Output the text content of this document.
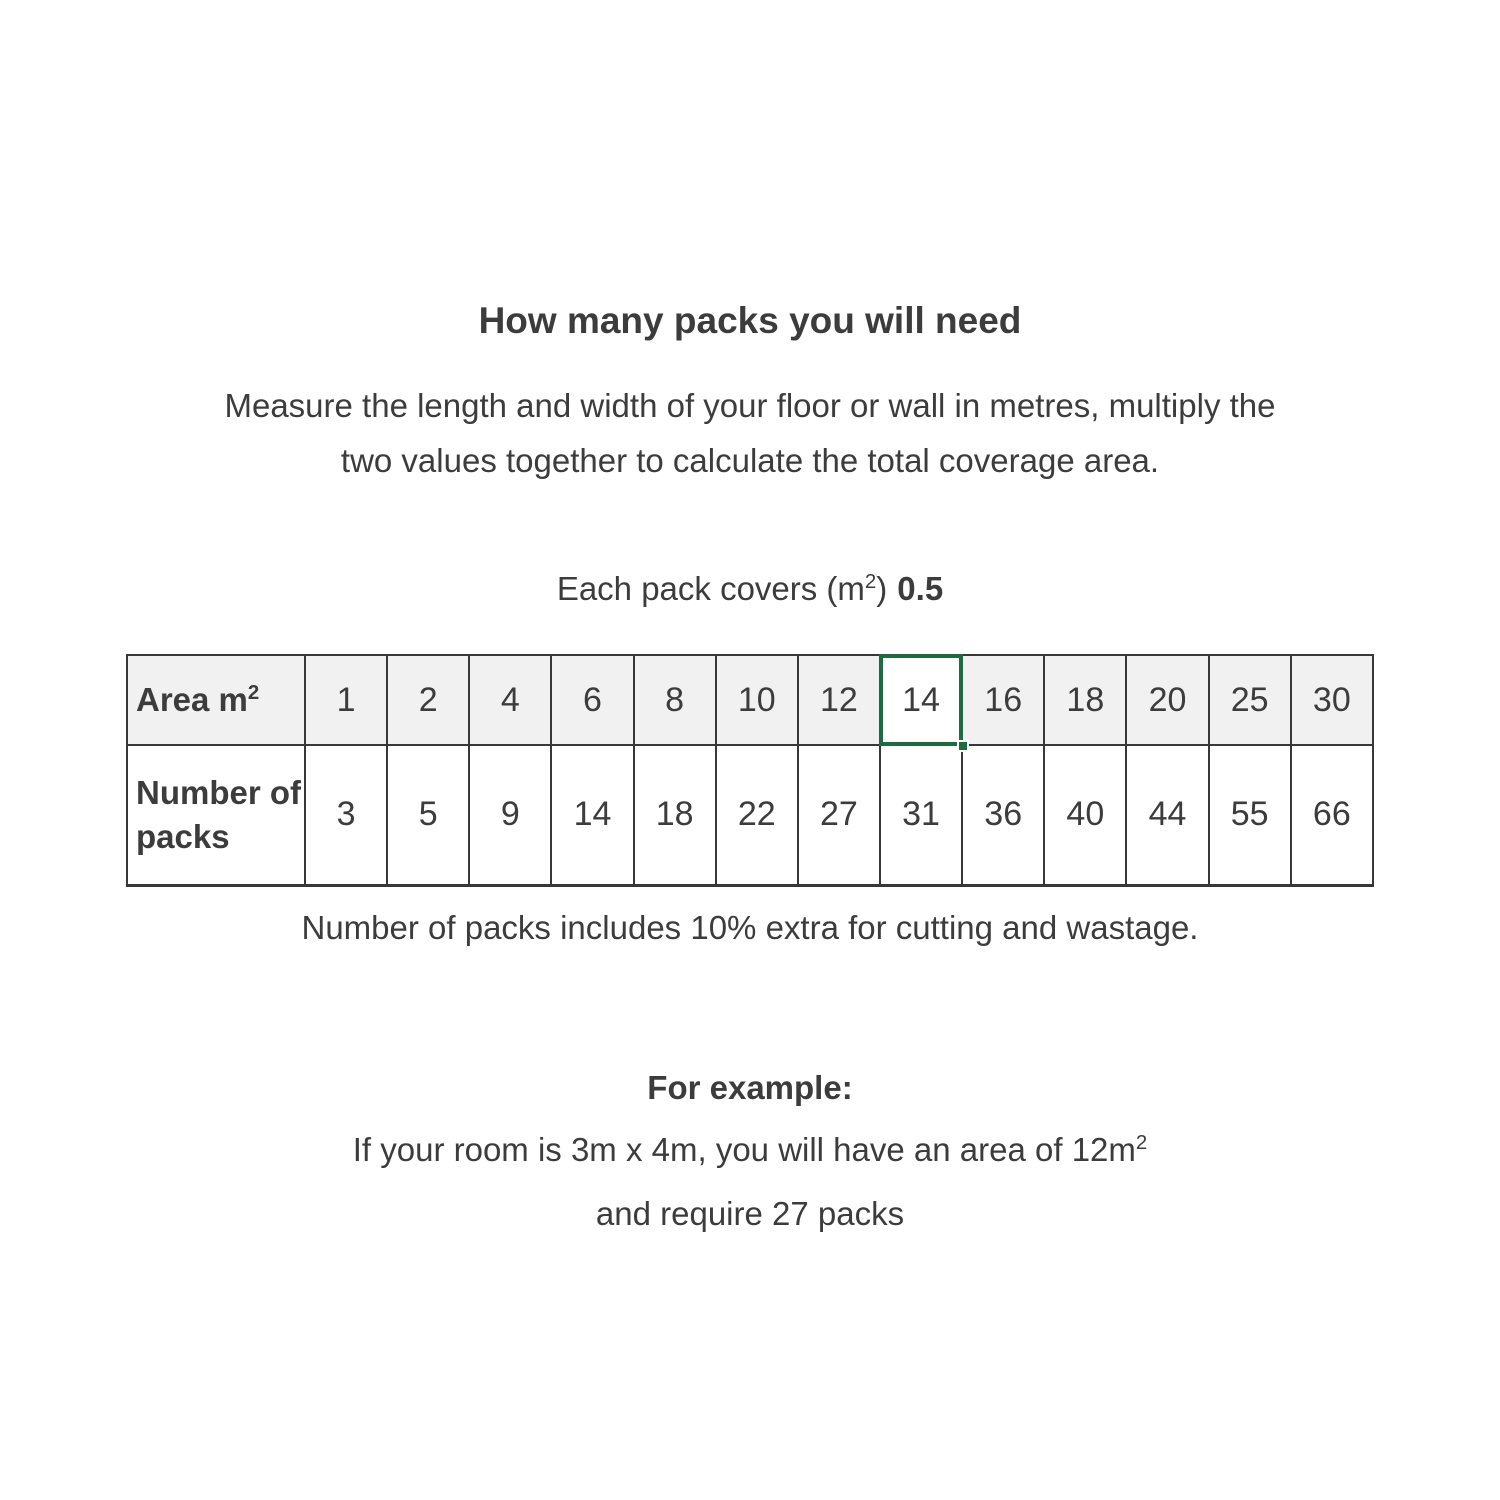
How many packs you will need
Measure the length and width of your floor or wall in metres, multiply the
two values together to calculate the total coverage area.
Each pack covers $(m^2)$ 0.5
Area $m^2$	1	2	4	6	8	10	12	14	16	18	20	25	30
Number of packs	3	5	9	14	18	22	27	31	36	40	44	55	66
Number of packs includes 10% extra for cutting and wastage.
For example:
If your room is 3m x 4m, you will have an area of $12m^2$
and require 27 packs
